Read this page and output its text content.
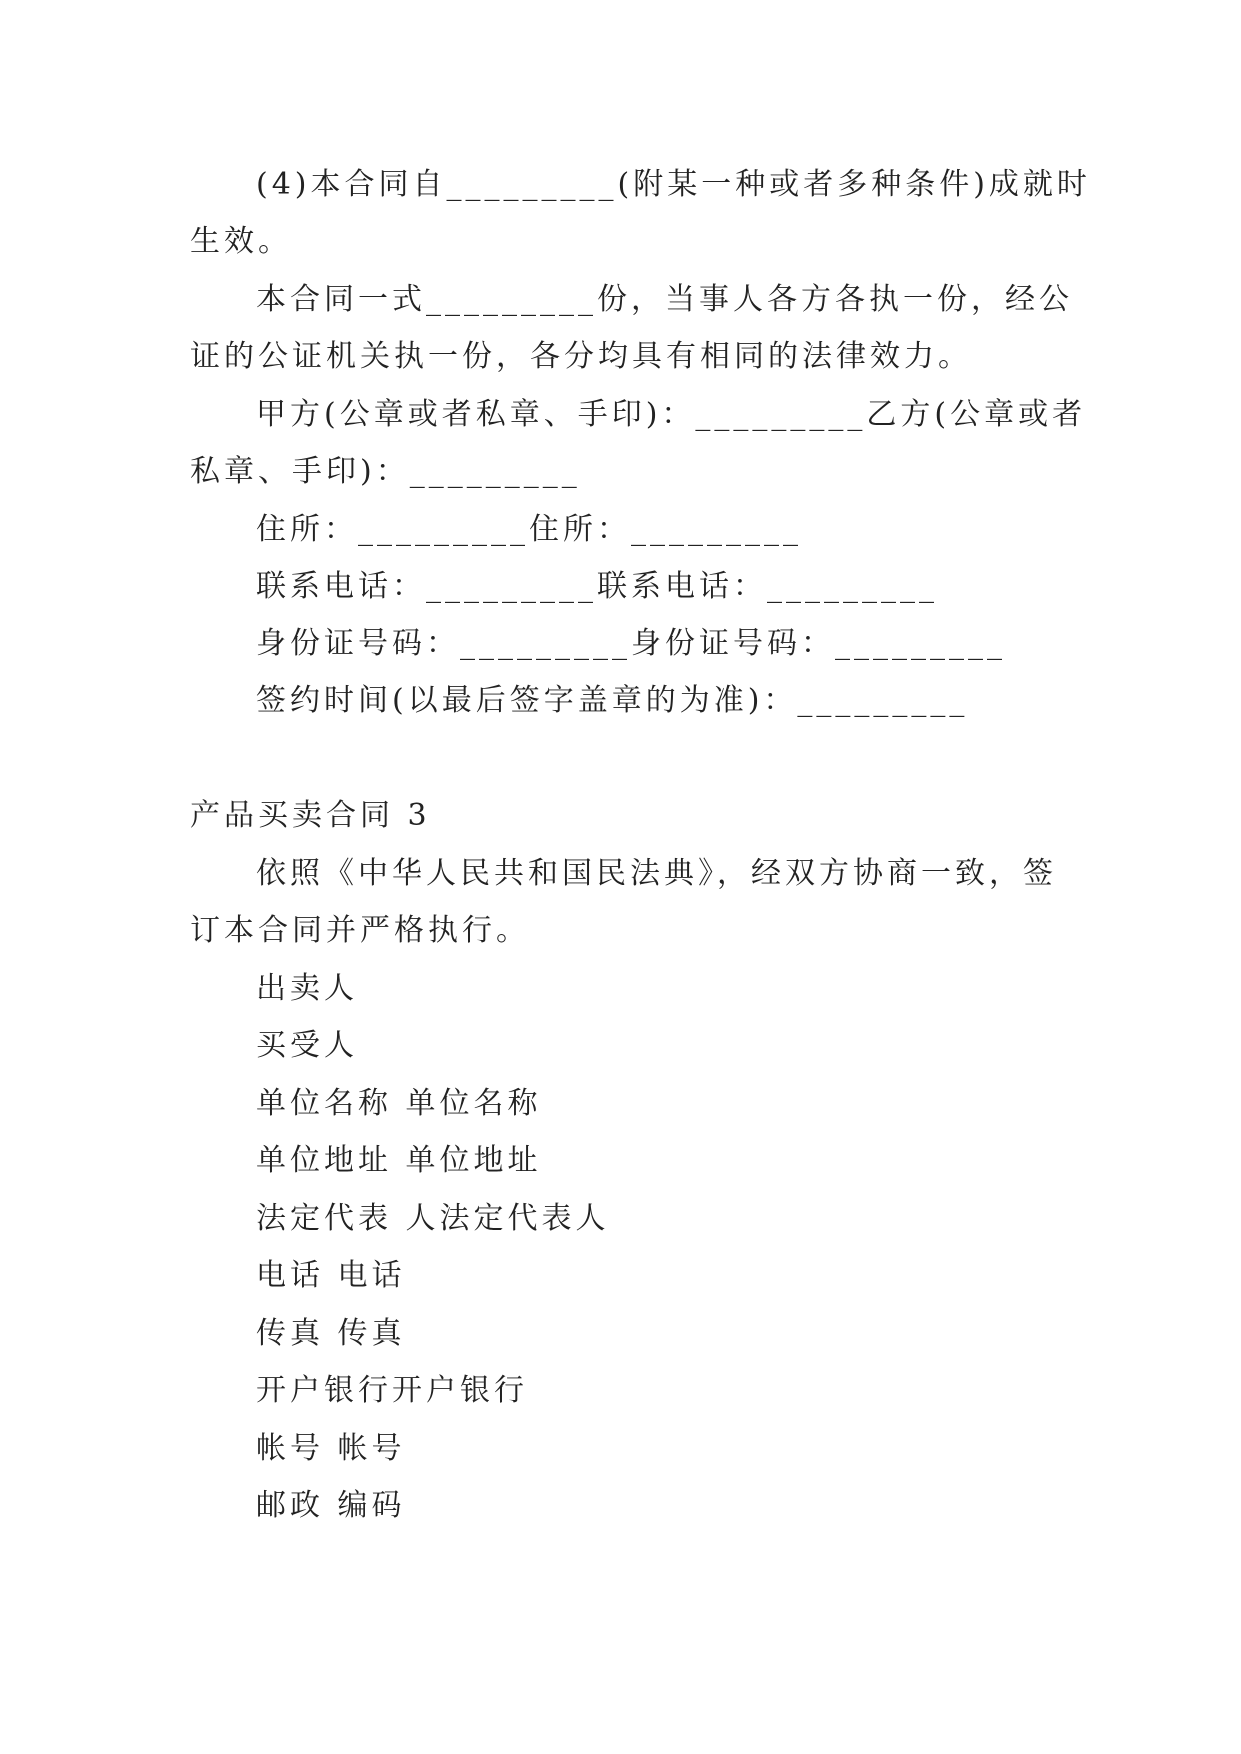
(4)本合同自_________(附某一种或者多种条件)成就时
生效。
本合同一式_________份，当事人各方各执一份，经公
证的公证机关执一份，各分均具有相同的法律效力。
甲方(公章或者私章、手印)：_________乙方(公章或者
私章、手印)：_________
住所：_________住所：_________
联系电话：_________联系电话：_________
身份证号码：_________身份证号码：_________
签约时间(以最后签字盖章的为准)：_________
产品买卖合同 3
依照《中华人民共和国民法典》，经双方协商一致，签
订本合同并严格执行。
出卖人
买受人
单位名称 单位名称
单位地址 单位地址
法定代表 人法定代表人
电话 电话
传真 传真
开户银行开户银行
帐号 帐号
邮政 编码
